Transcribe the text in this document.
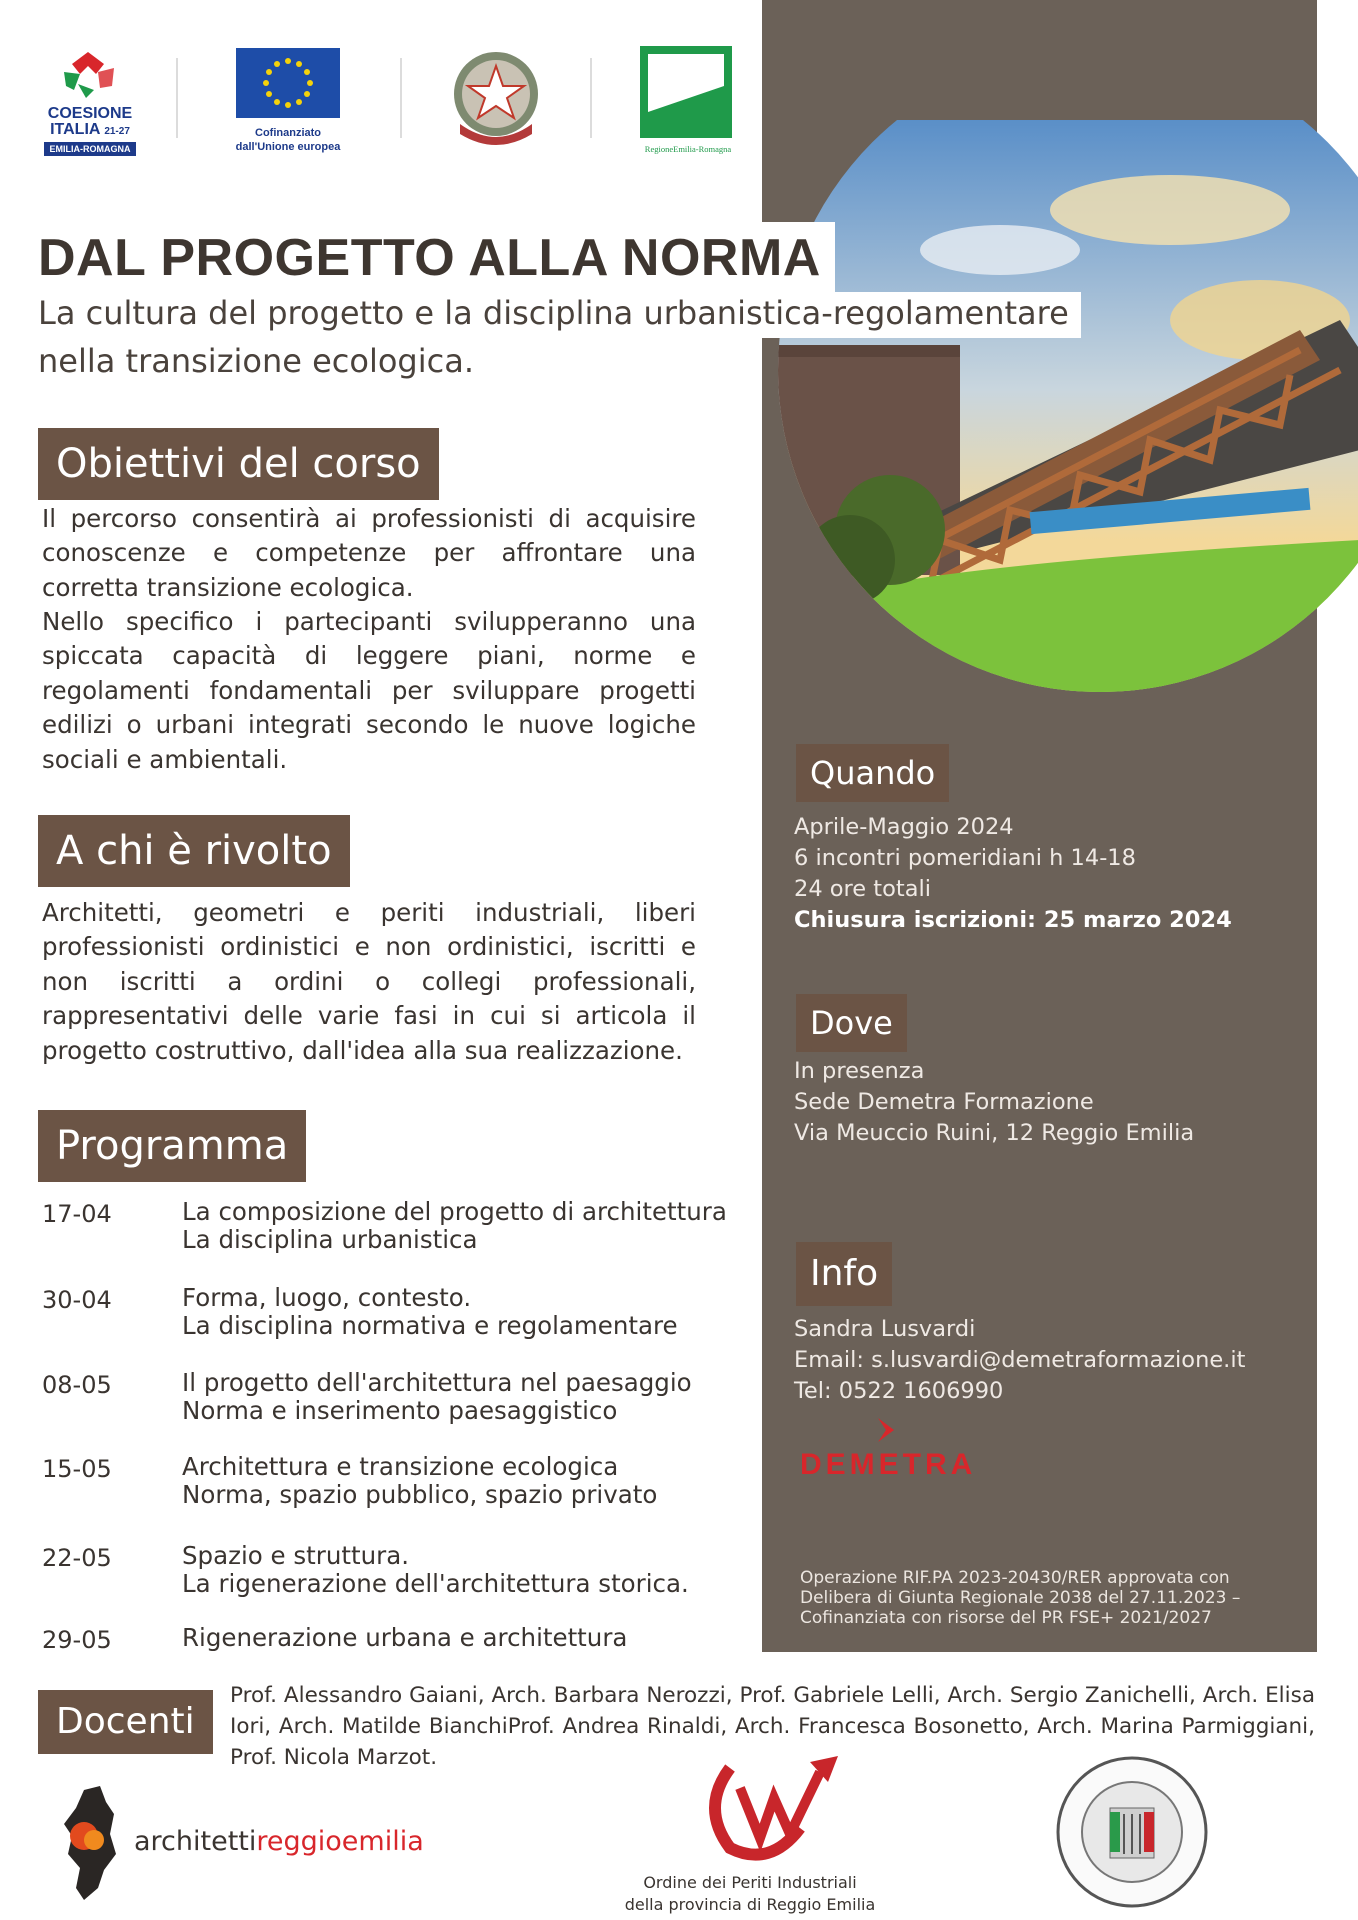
COESIONE
ITALIA 21-27
EMILIA-ROMAGNA
Cofinanziato
dall'Unione europea	RegioneEmilia-Romagna
DAL PROGETTO ALLA NORMA
La cultura del progetto e la disciplina urbanistica-regolamentare
nella transizione ecologica.
Obiettivi del corso
Il percorso consentirà ai professionisti di acquisire conoscenze e competenze per affrontare una corretta transizione ecologica.
Nello specifico i partecipanti svilupperanno una spiccata capacità di leggere piani, norme e regolamenti fondamentali per sviluppare progetti edilizi o urbani integrati secondo le nuove logiche sociali e ambientali.
A chi è rivolto
Architetti, geometri e periti industriali, liberi professionisti ordinistici e non ordinistici, iscritti e non iscritti a ordini o collegi professionali, rappresentativi delle varie fasi in cui si articola il progetto costruttivo, dall'idea alla sua realizzazione.
Programma
17-04	La composizione del progetto di architettura
La disciplina urbanistica
30-04	Forma, luogo, contesto.
La disciplina normativa e regolamentare
08-05	Il progetto dell'architettura nel paesaggio
Norma e inserimento paesaggistico
15-05	Architettura e transizione ecologica
Norma, spazio pubblico, spazio privato
22-05	Spazio e struttura.
La rigenerazione dell'architettura storica.
29-05	Rigenerazione urbana e architettura
Quando
Aprile-Maggio 2024
6 incontri pomeridiani h 14-18
24 ore totali
Chiusura iscrizioni: 25 marzo 2024
Dove
In presenza
Sede Demetra Formazione
Via Meuccio Ruini, 12 Reggio Emilia
Info
Sandra Lusvardi
Email: s.lusvardi@demetraformazione.it
Tel: 0522 1606990
DEMETRA
Operazione RIF.PA 2023-20430/RER approvata con Delibera di Giunta Regionale 2038 del 27.11.2023 – Cofinanziata con risorse del PR FSE+ 2021/2027
Docenti
Prof. Alessandro Gaiani, Arch. Barbara Nerozzi, Prof. Gabriele Lelli, Arch. Sergio Zanichelli, Arch. Elisa Iori, Arch. Matilde BianchiProf. Andrea Rinaldi, Arch. Francesca Bosonetto, Arch. Marina Parmiggiani, Prof. Nicola Marzot.
architettireggioemilia
Ordine dei Periti Industriali
della provincia di Reggio Emilia
